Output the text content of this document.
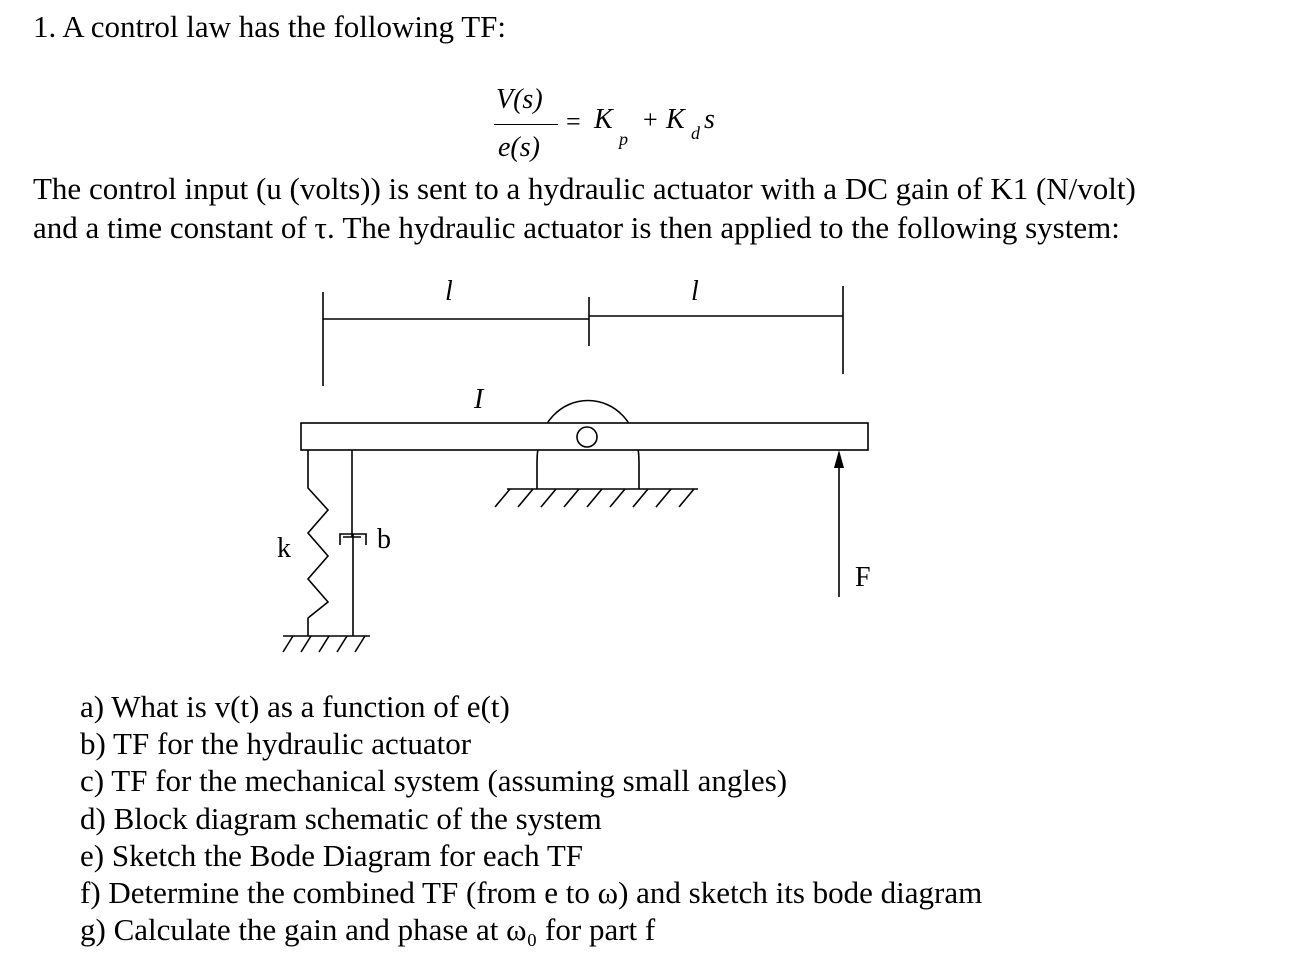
1. A control law has the following TF:
V(s)
e(s)
= K
p
+ K d s
The control input (u (volts)) is sent to a hydraulic actuator with a DC gain of K1 (N/volt)
and a time constant of τ. The hydraulic actuator is then applied to the following system:
l	l
I
k	b
F
a) What is v(t) as a function of e(t)
b) TF for the hydraulic actuator
c) TF for the mechanical system (assuming small angles)
d) Block diagram schematic of the system
e) Sketch the Bode Diagram for each TF
f) Determine the combined TF (from e to ω) and sketch its bode diagram
g) Calculate the gain and phase at ω₀ for part f
